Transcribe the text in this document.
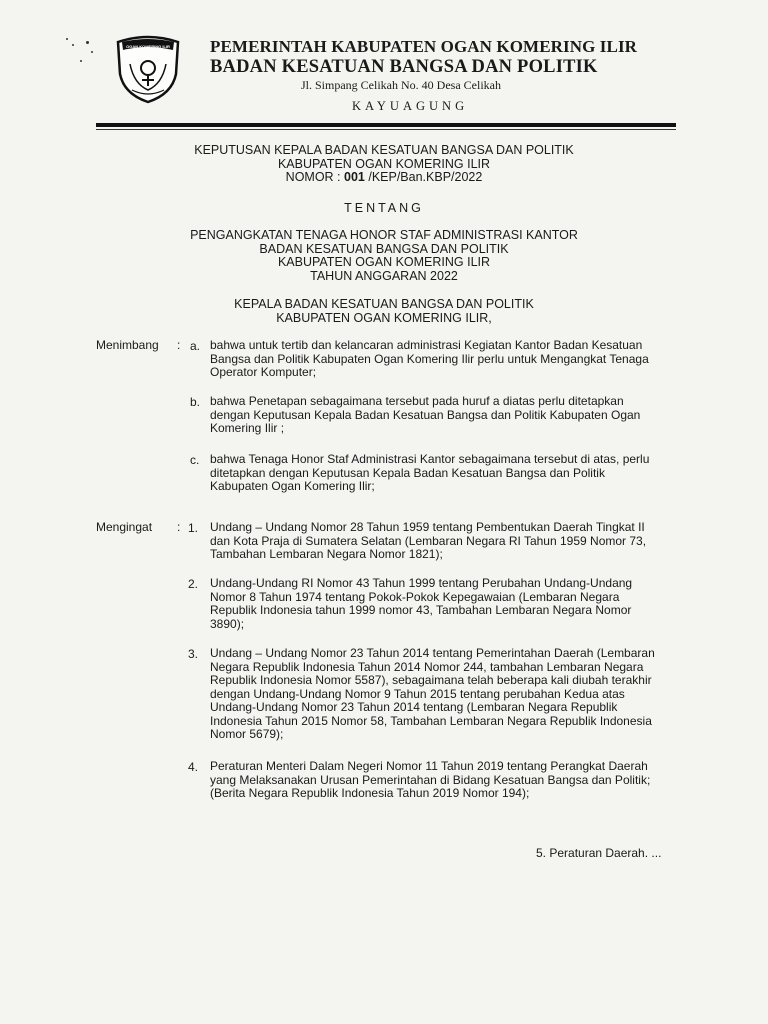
OGAN KOMERING ILIR PEMERINTAH KABUPATEN OGAN KOMERING ILIR
BADAN KESATUAN BANGSA DAN POLITIK
Jl. Simpang Celikah No. 40 Desa Celikah
KAYUAGUNG
KEPUTUSAN KEPALA BADAN KESATUAN BANGSA DAN POLITIK
KABUPATEN OGAN KOMERING ILIR
NOMOR : 001 /KEP/Ban.KBP/2022
TENTANG
PENGANGKATAN TENAGA HONOR STAF ADMINISTRASI KANTOR
BADAN KESATUAN BANGSA DAN POLITIK
KABUPATEN OGAN KOMERING ILIR
TAHUN ANGGARAN 2022
KEPALA BADAN KESATUAN BANGSA DAN POLITIK
KABUPATEN OGAN KOMERING ILIR,
Menimbang : a. bahwa untuk tertib dan kelancaran administrasi Kegiatan Kantor Badan Kesatuan
Bangsa dan Politik Kabupaten Ogan Komering Ilir perlu untuk Mengangkat Tenaga
Operator Komputer;
b. bahwa Penetapan sebagaimana tersebut pada huruf a diatas perlu ditetapkan
dengan Keputusan Kepala Badan Kesatuan Bangsa dan Politik Kabupaten Ogan
Komering Ilir ;
c. bahwa Tenaga Honor Staf Administrasi Kantor sebagaimana tersebut di atas, perlu
ditetapkan dengan Keputusan Kepala Badan Kesatuan Bangsa dan Politik
Kabupaten Ogan Komering Ilir;
Mengingat : 1. Undang – Undang Nomor 28 Tahun 1959 tentang Pembentukan Daerah Tingkat II
dan Kota Praja di Sumatera Selatan (Lembaran Negara RI Tahun 1959 Nomor 73,
Tambahan Lembaran Negara Nomor 1821);
2. Undang-Undang RI Nomor 43 Tahun 1999 tentang Perubahan Undang-Undang
Nomor 8 Tahun 1974 tentang Pokok-Pokok Kepegawaian (Lembaran Negara
Republik Indonesia tahun 1999 nomor 43, Tambahan Lembaran Negara Nomor
3890);
3. Undang – Undang Nomor 23 Tahun 2014 tentang Pemerintahan Daerah (Lembaran
Negara Republik Indonesia Tahun 2014 Nomor 244, tambahan Lembaran Negara
Republik Indonesia Nomor 5587), sebagaimana telah beberapa kali diubah terakhir
dengan Undang-Undang Nomor 9 Tahun 2015 tentang perubahan Kedua atas
Undang-Undang Nomor 23 Tahun 2014 tentang (Lembaran Negara Republik
Indonesia Tahun 2015 Nomor 58, Tambahan Lembaran Negara Republik Indonesia
Nomor 5679);
4. Peraturan Menteri Dalam Negeri Nomor 11 Tahun 2019 tentang Perangkat Daerah
yang Melaksanakan Urusan Pemerintahan di Bidang Kesatuan Bangsa dan Politik;
(Berita Negara Republik Indonesia Tahun 2019 Nomor 194);
5. Peraturan Daerah. ...
